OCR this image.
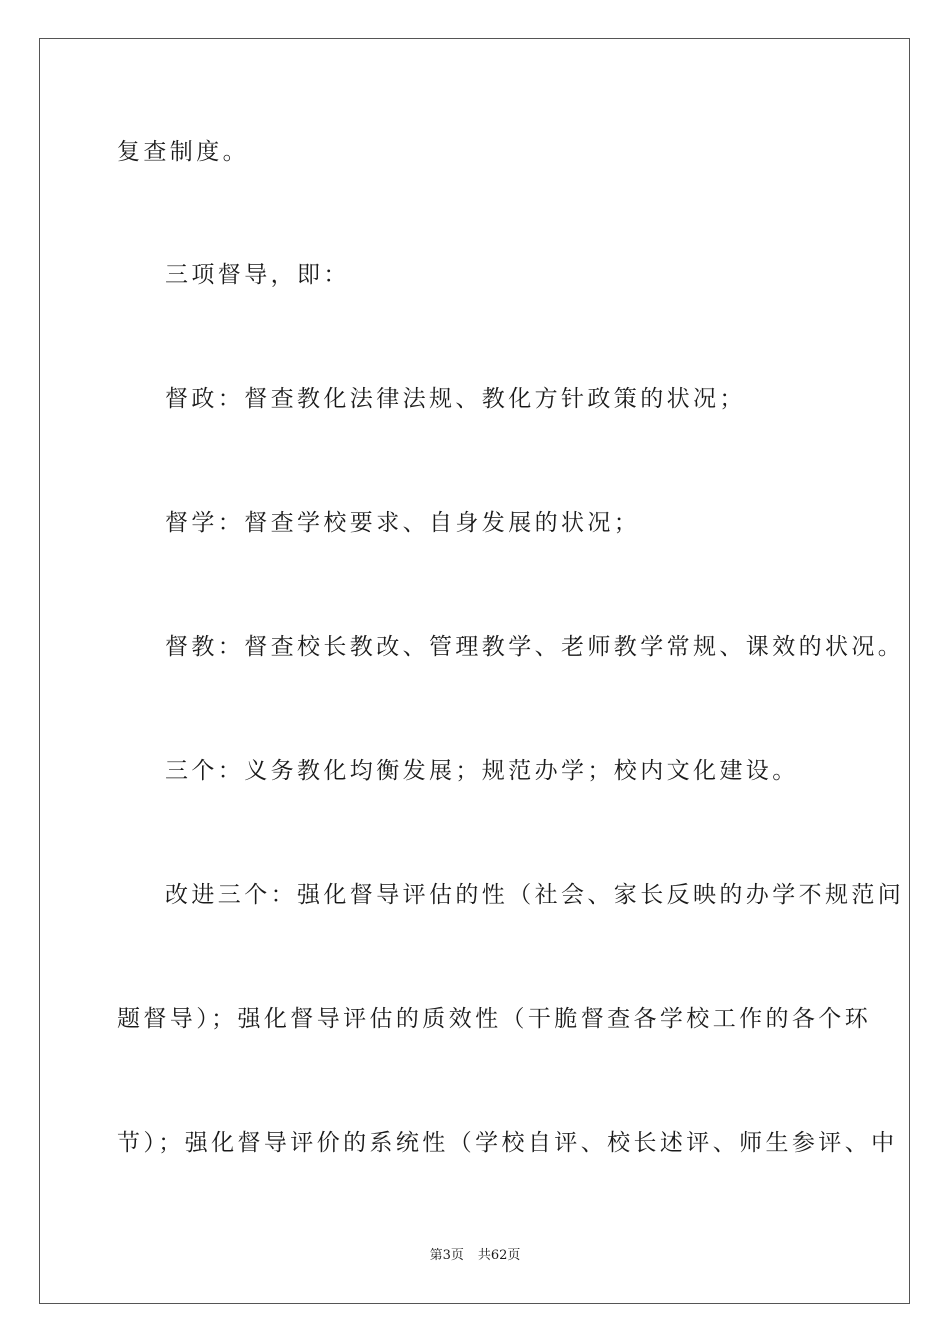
复查制度。

三项督导，即：

督政：督查教化法律法规、教化方针政策的状况；

督学：督查学校要求、自身发展的状况；

督教：督查校长教改、管理教学、老师教学常规、课效的状况。

三个：义务教化均衡发展；规范办学；校内文化建设。

改进三个：强化督导评估的性（社会、家长反映的办学不规范问

题督导）；强化督导评估的质效性（干脆督查各学校工作的各个环

节）；强化督导评价的系统性（学校自评、校长述评、师生参评、中

第3页 共62页
